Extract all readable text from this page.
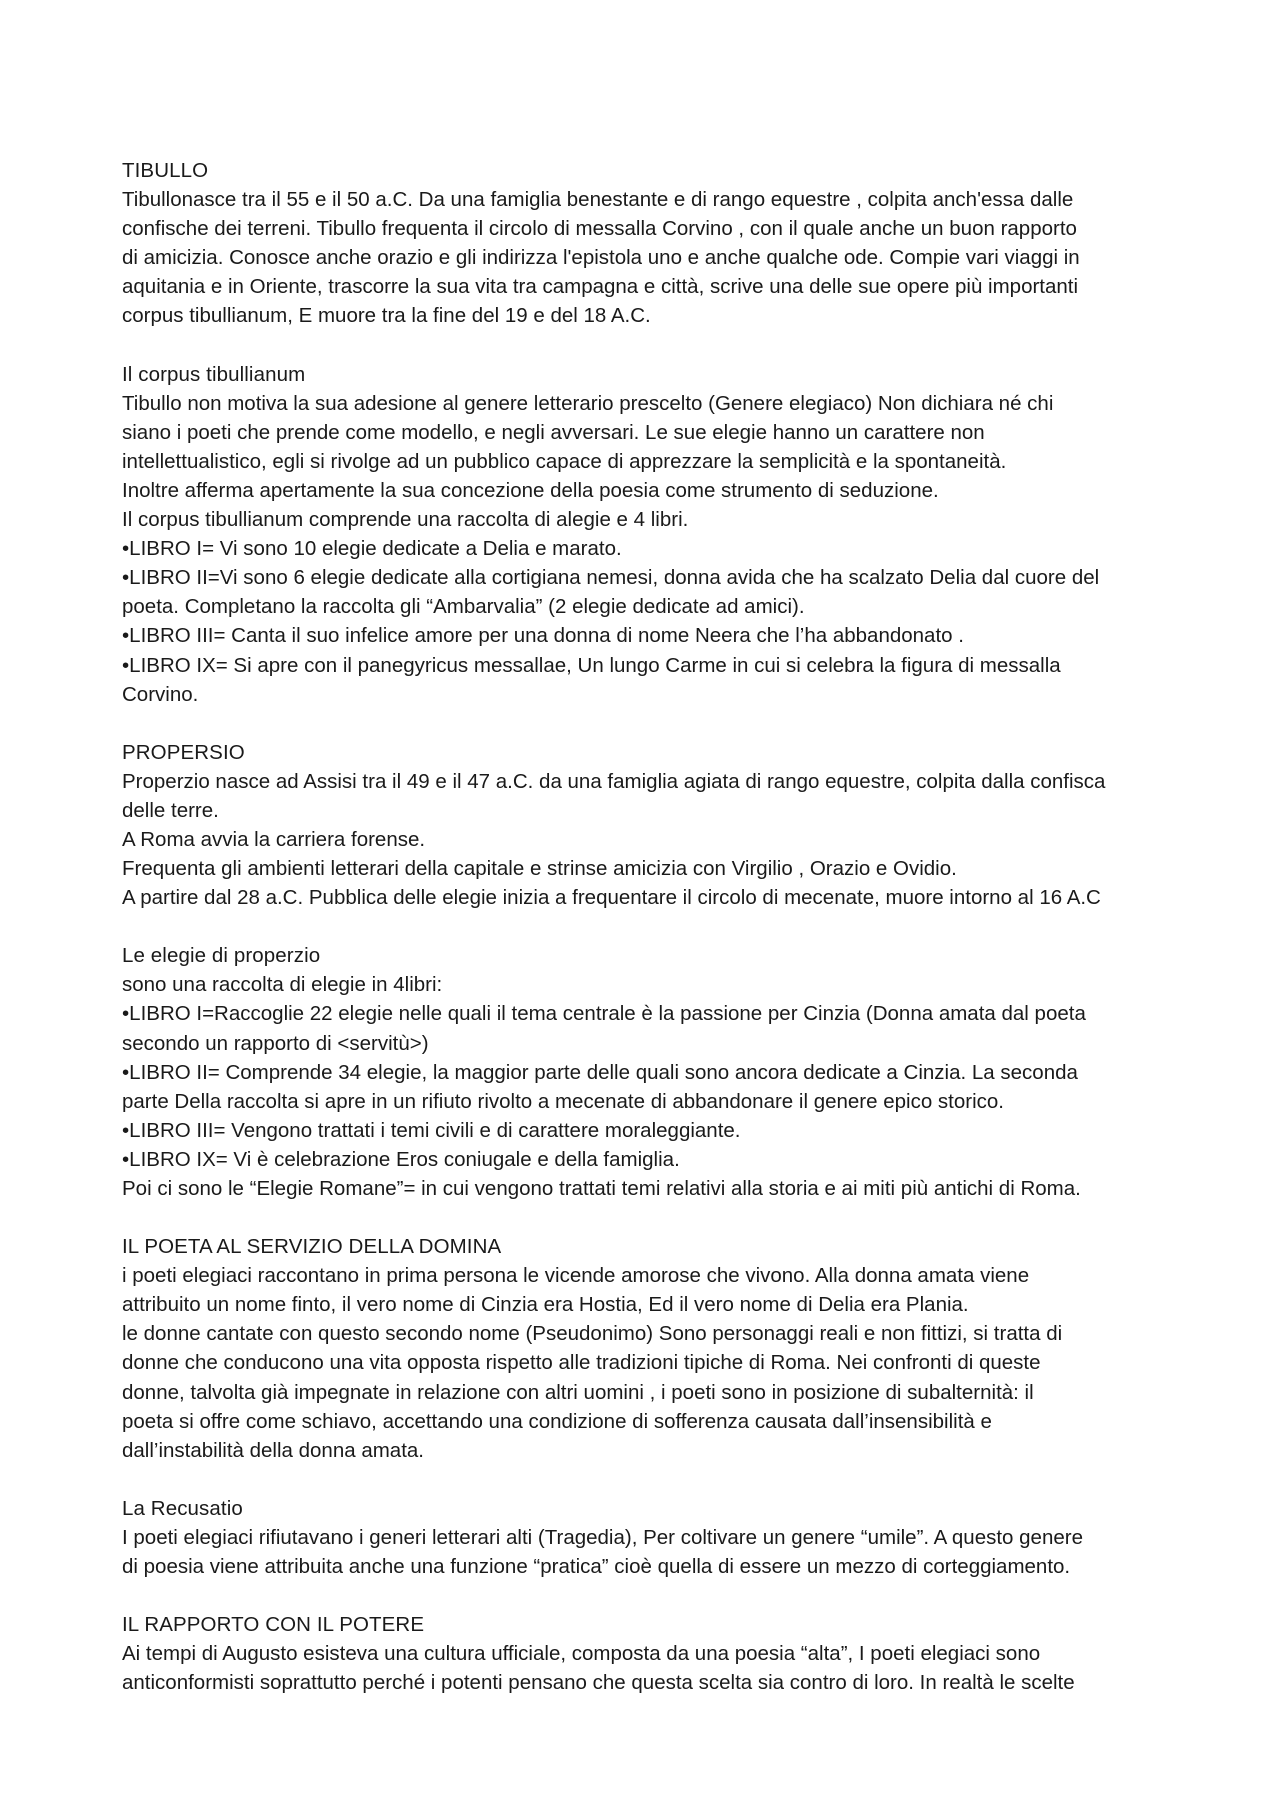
TIBULLO

Tibullonasce tra il 55 e il 50 a.C. Da una famiglia benestante e di rango equestre , colpita anch'essa dalle

confische dei terreni. Tibullo frequenta il circolo di messalla Corvino , con il quale anche un buon rapporto

di amicizia. Conosce anche orazio e gli indirizza l'epistola uno e anche qualche ode. Compie vari viaggi in

aquitania e in Oriente, trascorre la sua vita tra campagna e città, scrive una delle sue opere più importanti

corpus tibullianum, E muore tra la fine del 19 e del 18 A.C.

Il corpus tibullianum

Tibullo non motiva la sua adesione al genere letterario prescelto (Genere elegiaco) Non dichiara né chi

siano i poeti che prende come modello, e negli avversari. Le sue elegie hanno un carattere non

intellettualistico, egli si rivolge ad un pubblico capace di apprezzare la semplicità e la spontaneità.

Inoltre afferma apertamente la sua concezione della poesia come strumento di seduzione.

Il corpus tibullianum comprende una raccolta di alegie e 4 libri.

•LIBRO I= Vi sono 10 elegie dedicate a Delia e marato.

•LIBRO II=Vi sono 6 elegie dedicate alla cortigiana nemesi, donna avida che ha scalzato Delia dal cuore del

poeta. Completano la raccolta gli “Ambarvalia” (2 elegie dedicate ad amici).

•LIBRO III= Canta il suo infelice amore per una donna di nome Neera che l’ha abbandonato .

•LIBRO IX= Si apre con il panegyricus messallae, Un lungo Carme in cui si celebra la figura di messalla

Corvino.

PROPERSIO

Properzio nasce ad Assisi tra il 49 e il 47 a.C. da una famiglia agiata di rango equestre, colpita dalla confisca

delle terre.

A Roma avvia la carriera forense.

Frequenta gli ambienti letterari della capitale e strinse amicizia con Virgilio , Orazio e Ovidio.

A partire dal 28 a.C. Pubblica delle elegie inizia a frequentare il circolo di mecenate, muore intorno al 16 A.C

Le elegie di properzio

sono una raccolta di elegie in 4libri:

•LIBRO I=Raccoglie 22 elegie nelle quali il tema centrale è la passione per Cinzia (Donna amata dal poeta

secondo un rapporto di <servitù>)

•LIBRO II= Comprende 34 elegie, la maggior parte delle quali sono ancora dedicate a Cinzia. La seconda

parte Della raccolta si apre in un rifiuto rivolto a mecenate di abbandonare il genere epico storico.

•LIBRO III= Vengono trattati i temi civili e di carattere moraleggiante.

•LIBRO IX= Vi è celebrazione Eros coniugale e della famiglia.

Poi ci sono le “Elegie Romane”= in cui vengono trattati temi relativi alla storia e ai miti più antichi di Roma.

IL POETA AL SERVIZIO DELLA DOMINA

i poeti elegiaci raccontano in prima persona le vicende amorose che vivono. Alla donna amata viene

attribuito un nome finto, il vero nome di Cinzia era Hostia, Ed il vero nome di Delia era Plania.

le donne cantate con questo secondo nome (Pseudonimo) Sono personaggi reali e non fittizi, si tratta di

donne che conducono una vita opposta rispetto alle tradizioni tipiche di Roma. Nei confronti di queste

donne, talvolta già impegnate in relazione con altri uomini , i poeti sono in posizione di subalternità: il

poeta si offre come schiavo, accettando una condizione di sofferenza causata dall’insensibilità e

dall’instabilità della donna amata.

La Recusatio

I poeti elegiaci rifiutavano i generi letterari alti (Tragedia), Per coltivare un genere “umile”. A questo genere

di poesia viene attribuita anche una funzione “pratica” cioè quella di essere un mezzo di corteggiamento.

IL RAPPORTO CON IL POTERE

Ai tempi di Augusto esisteva una cultura ufficiale, composta da una poesia “alta”, I poeti elegiaci sono

anticonformisti soprattutto perché i potenti pensano che questa scelta sia contro di loro. In realtà le scelte
